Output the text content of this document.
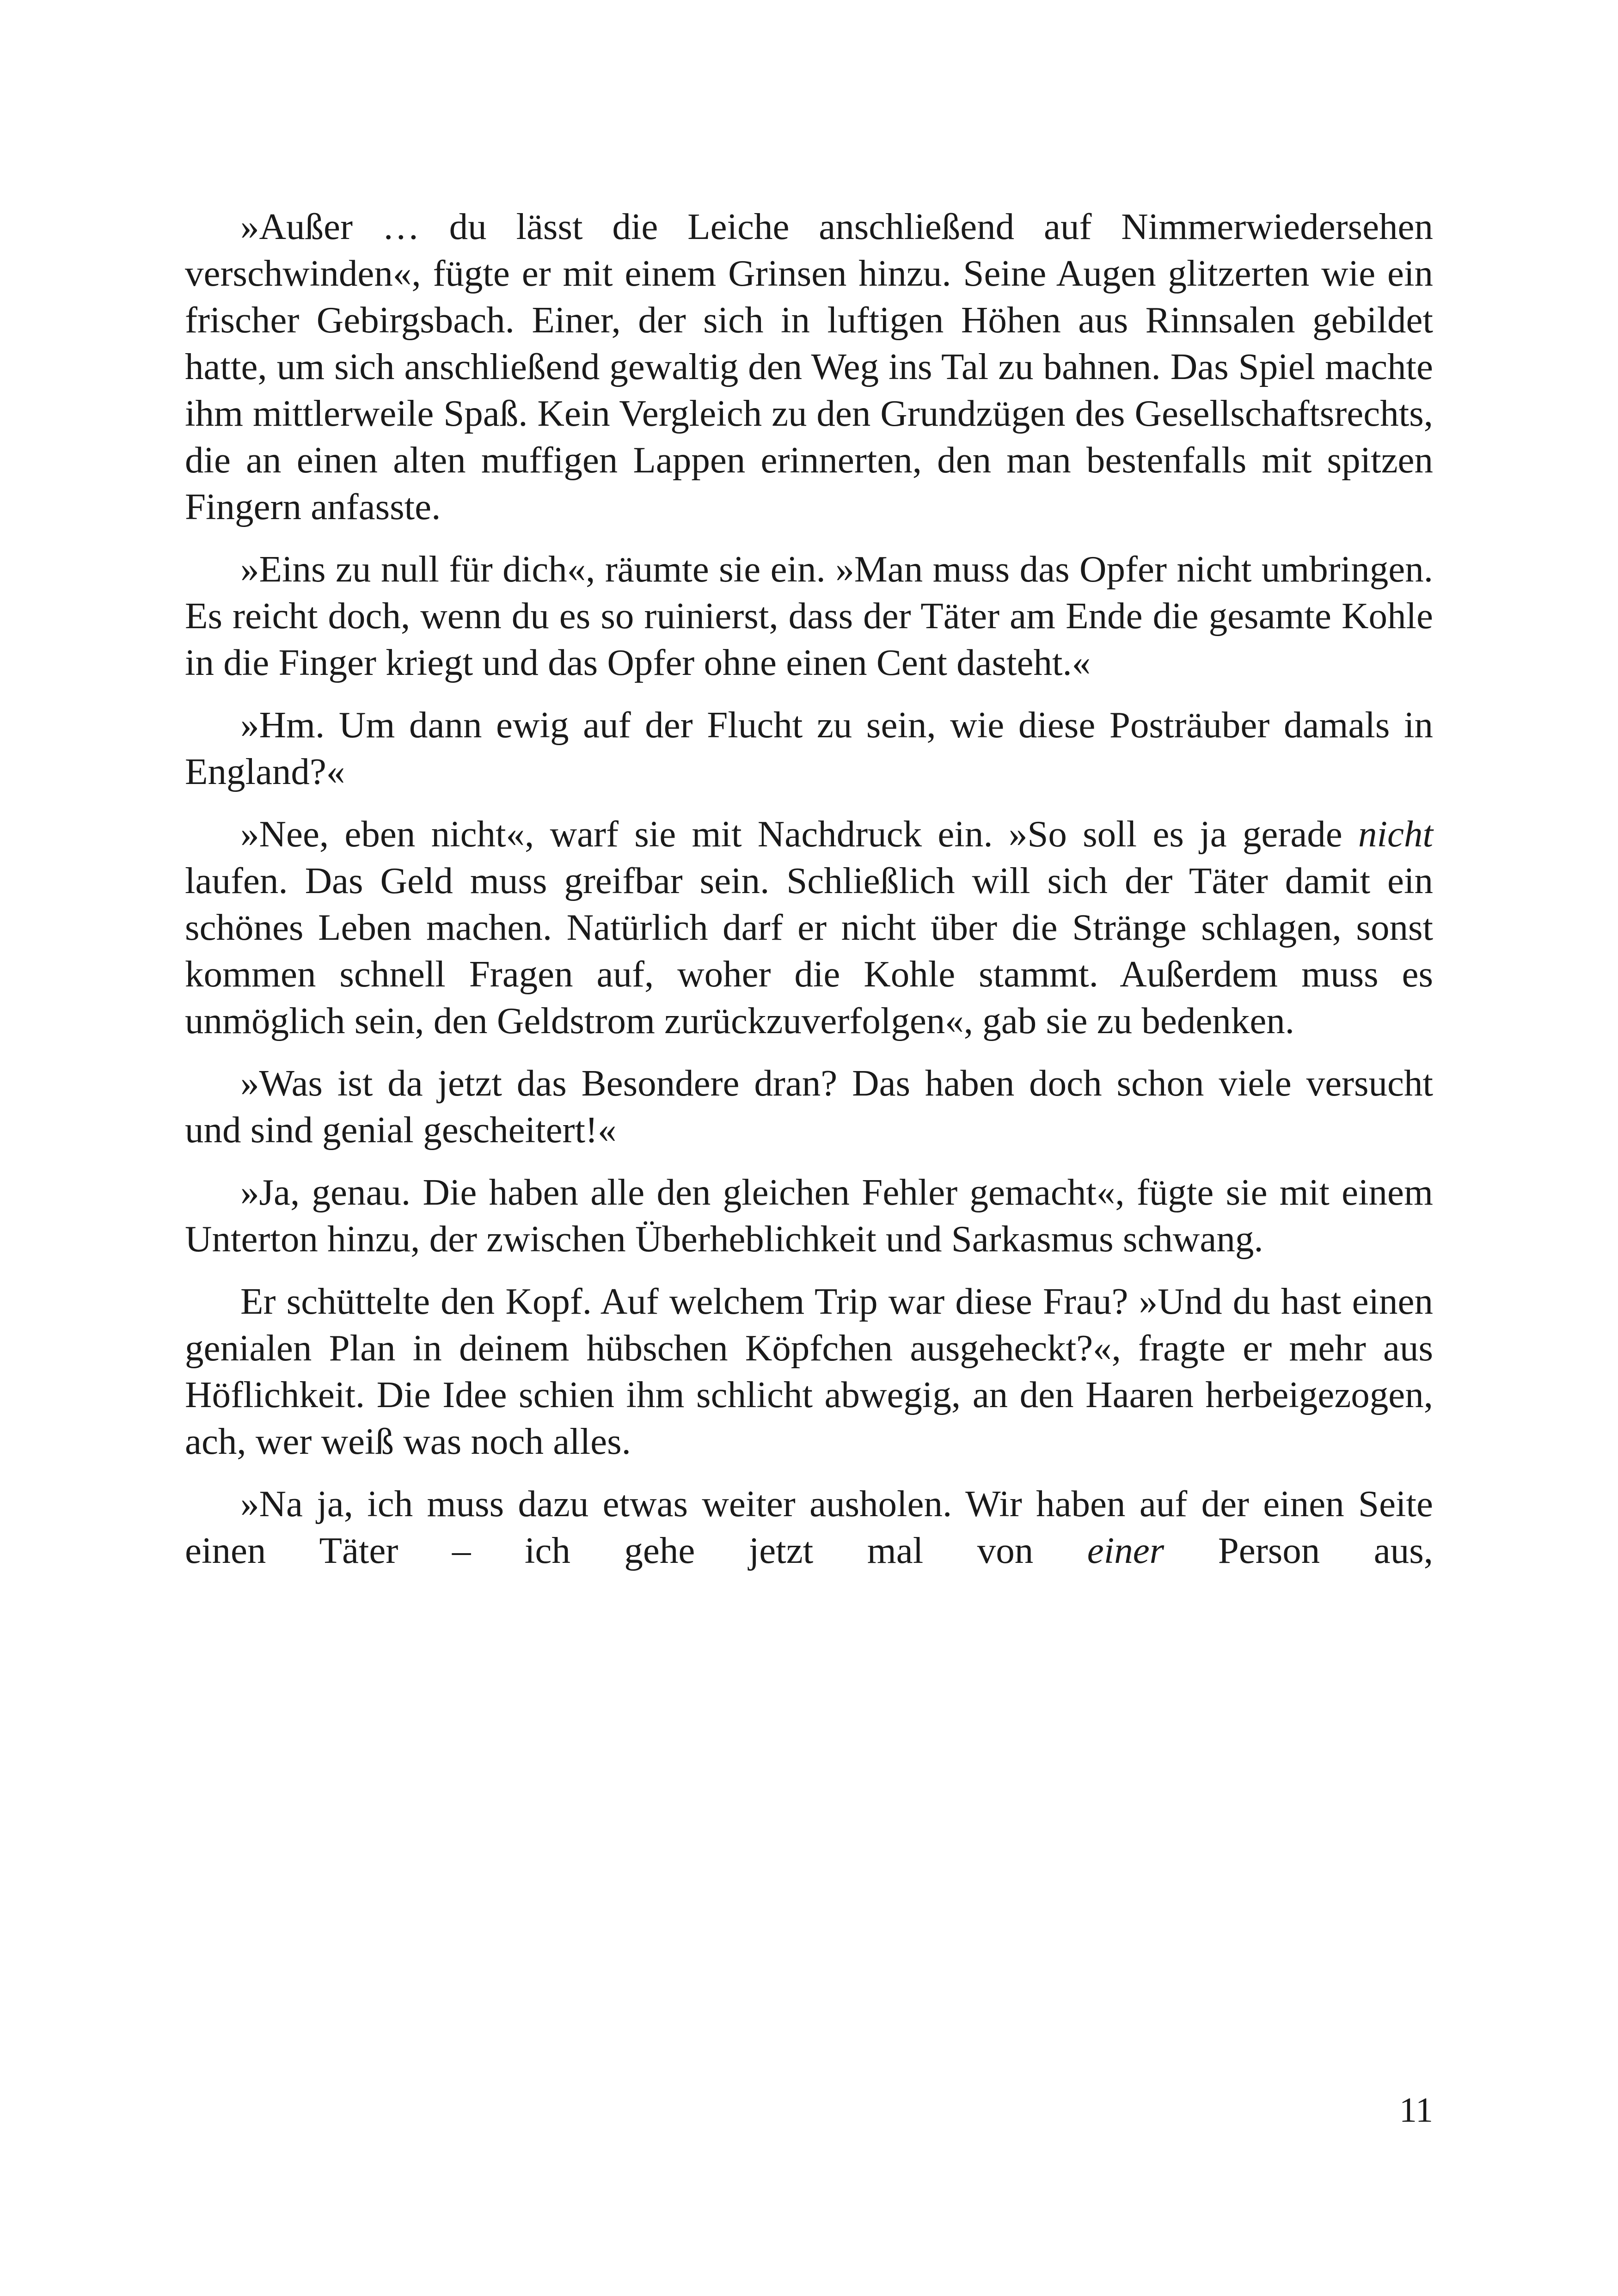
»Außer … du lässt die Leiche anschließend auf Nimmerwiedersehen verschwinden«, fügte er mit einem Grinsen hinzu. Seine Augen glitzerten wie ein frischer Gebirgsbach. Einer, der sich in luftigen Höhen aus Rinnsalen gebildet hatte, um sich anschließend gewaltig den Weg ins Tal zu bahnen. Das Spiel machte ihm mittlerweile Spaß. Kein Vergleich zu den Grundzügen des Gesellschaftsrechts, die an einen alten muffigen Lappen erinnerten, den man bestenfalls mit spitzen Fingern anfasste.

»Eins zu null für dich«, räumte sie ein. »Man muss das Opfer nicht umbringen. Es reicht doch, wenn du es so ruinierst, dass der Täter am Ende die gesamte Kohle in die Finger kriegt und das Opfer ohne einen Cent dasteht.«

»Hm. Um dann ewig auf der Flucht zu sein, wie diese Posträuber damals in England?«

»Nee, eben nicht«, warf sie mit Nachdruck ein. »So soll es ja gerade nicht laufen. Das Geld muss greifbar sein. Schließlich will sich der Täter damit ein schönes Leben machen. Natürlich darf er nicht über die Stränge schlagen, sonst kommen schnell Fragen auf, woher die Kohle stammt. Außerdem muss es unmöglich sein, den Geldstrom zurückzuverfolgen«, gab sie zu bedenken.

»Was ist da jetzt das Besondere dran? Das haben doch schon viele versucht und sind genial gescheitert!«

»Ja, genau. Die haben alle den gleichen Fehler gemacht«, fügte sie mit einem Unterton hinzu, der zwischen Überheblichkeit und Sarkasmus schwang.

Er schüttelte den Kopf. Auf welchem Trip war diese Frau? »Und du hast einen genialen Plan in deinem hübschen Köpfchen ausgeheckt?«, fragte er mehr aus Höflichkeit. Die Idee schien ihm schlicht abwegig, an den Haaren herbeigezogen, ach, wer weiß was noch alles.

»Na ja, ich muss dazu etwas weiter ausholen. Wir haben auf der einen Seite einen Täter – ich gehe jetzt mal von einer Person aus,

11
